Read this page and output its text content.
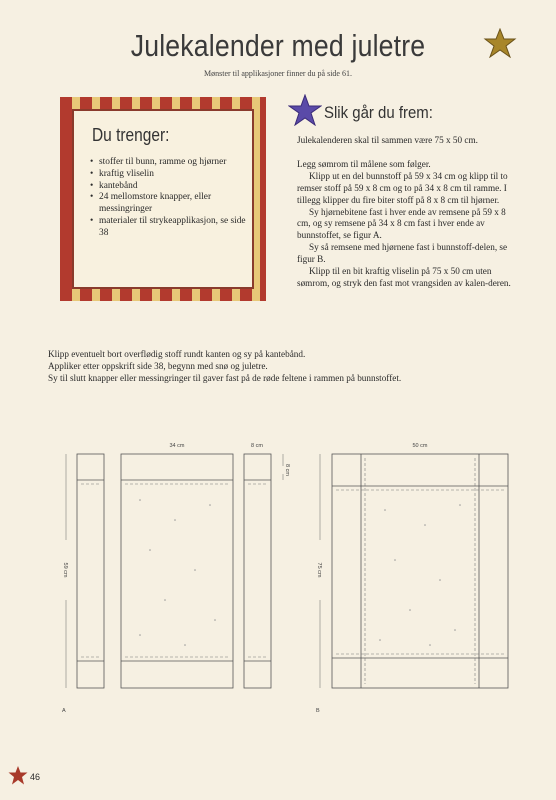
Julekalender med juletre
Mønster til applikasjoner finner du på side 61.
Du trenger:
• stoffer til bunn, ramme og hjørner
• kraftig vliselin
• kantebånd
• 24 mellomstore knapper, eller messingringer
• materialer til strykeapplikasjon, se side 38
Slik går du frem:

Julekalenderen skal til sammen være 75 x 50 cm.

Legg sømrom til målene som følger.

Klipp ut en del bunnstoff på 59 x 34 cm og klipp til to remser stoff på 59 x 8 cm og to på 34 x 8 cm til ramme. I tillegg klipper du fire biter stoff på 8 x 8 cm til hjørner.

Sy hjørnebitene fast i hver ende av remsene på 59 x 8 cm, og sy remsene på 34 x 8 cm fast i hver ende av bunnstoffet, se figur A.

Sy så remsene med hjørnene fast i bunnstoff-delen, se figur B.

Klipp til en bit kraftig vliselin på 75 x 50 cm uten sømrom, og stryk den fast mot vrangsiden av kalen-deren.

Klipp eventuelt bort overflødig stoff rundt kanten og sy på kantebånd.

Appliker etter oppskrift side 38, begynn med snø og juletre.

Sy til slutt knapper eller messingringer til gaver fast på de røde feltene i rammen på bunnstoffet.

34 cm	8 cm	50 cm
8 cm
59 cm	75 cm
A	B
46
